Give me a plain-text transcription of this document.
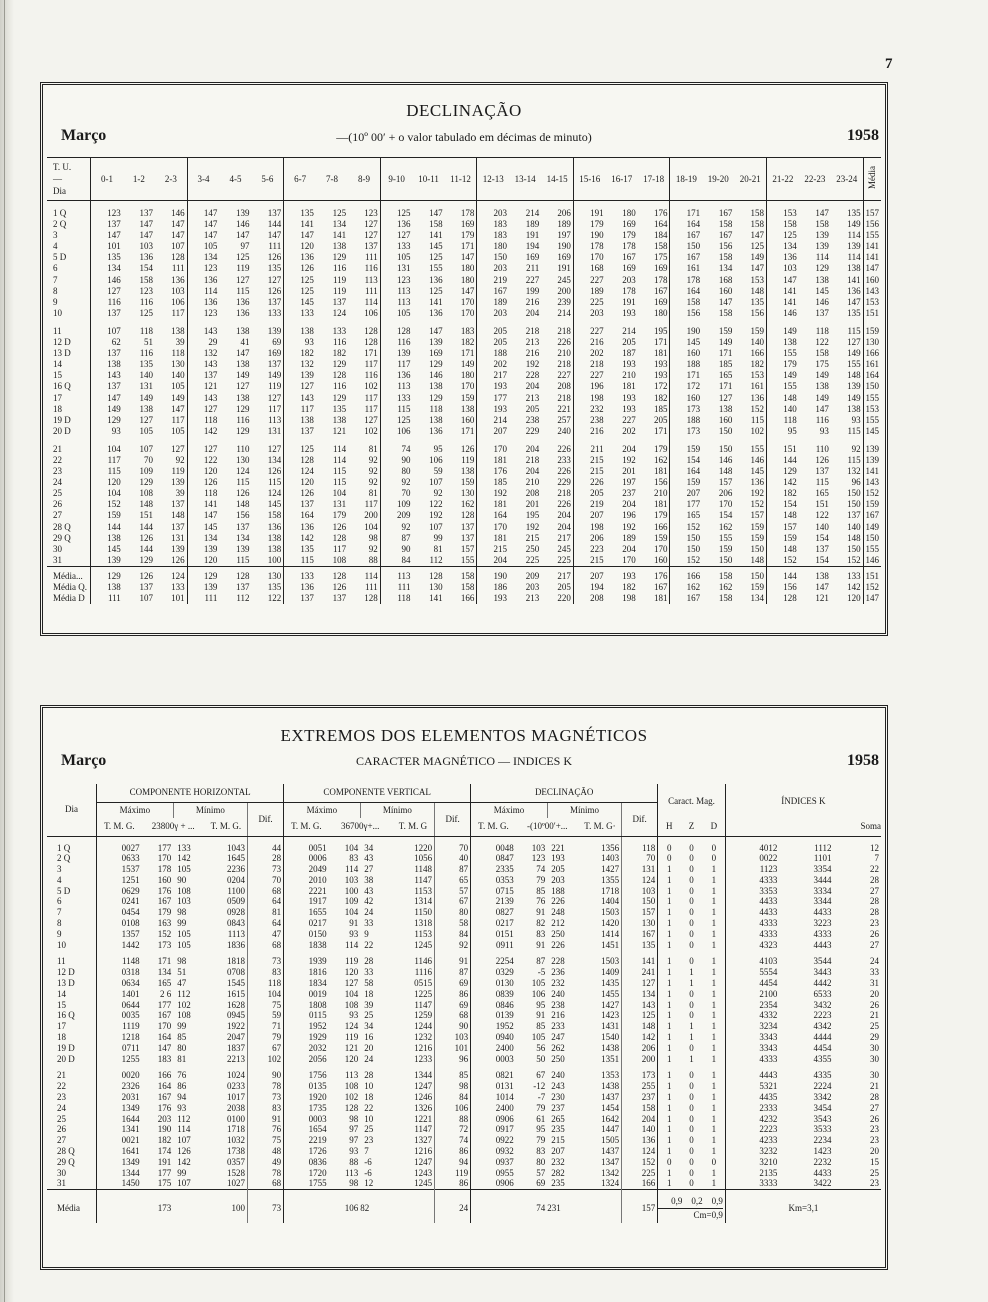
7
DECLINAÇÃO
Março	—(10º 00′ + o valor tabulado em décimas de minuto)	1958
T. U.
—
Dia	0-1	1-2	2-3	3-4	4-5	5-6	6-7	7-8	8-9	9-10	10-11	11-12	12-13	13-14	14-15	15-16	16-17	17-18	18-19	19-20	20-21	21-22	22-23	23-24	Média
1 Q	123	137	146	147	139	137	135	125	123	125	147	178	203	214	206	191	180	176	171	167	158	153	147	135	157
2 Q	137	147	147	147	146	144	141	134	127	136	158	169	183	189	189	179	169	164	164	158	158	158	158	149	156
3	147	147	147	147	147	147	147	141	127	127	141	179	183	191	197	190	179	184	167	167	147	125	139	114	155
4	101	103	107	105	97	111	120	138	137	133	145	171	180	194	190	178	178	158	150	156	125	134	139	139	141
5 D	135	136	128	134	125	126	136	129	111	105	125	147	150	169	169	170	167	175	167	158	149	136	114	114	141
6	134	154	111	123	119	135	126	116	116	131	155	180	203	211	191	168	169	169	161	134	147	103	129	138	147
7	146	158	136	136	127	127	125	119	113	123	136	180	219	227	245	227	203	178	178	168	153	147	138	141	160
8	127	123	103	114	115	126	125	119	111	113	125	147	167	199	200	189	178	167	164	160	148	141	145	136	143
9	116	116	106	136	136	137	145	137	114	113	141	170	189	216	239	225	191	169	158	147	135	141	146	147	153
10	137	125	117	123	136	133	133	124	106	105	136	170	203	204	214	203	193	180	156	158	156	146	137	135	151
11	107	118	138	143	138	139	138	133	128	128	147	183	205	218	218	227	214	195	190	159	159	149	118	115	159
12 D	62	51	39	29	41	69	93	116	128	116	139	182	205	213	226	216	205	171	145	149	140	138	122	127	130
13 D	137	116	118	132	147	169	182	182	171	139	169	171	188	216	210	202	187	181	160	171	166	155	158	149	166
14	138	135	130	143	138	137	132	129	117	117	129	149	202	192	218	218	193	193	188	185	182	179	175	155	161
15	143	140	140	137	149	149	139	128	116	136	146	180	217	228	227	227	210	193	171	165	153	149	149	148	164
16 Q	137	131	105	121	127	119	127	116	102	113	138	170	193	204	208	196	181	172	172	171	161	155	138	139	150
17	147	149	149	143	138	127	143	129	117	133	129	159	177	213	218	198	193	182	160	127	136	148	149	149	155
18	149	138	147	127	129	117	117	135	117	115	118	138	193	205	221	232	193	185	173	138	152	140	147	138	153
19 D	129	127	117	118	116	113	138	138	127	125	138	160	214	238	257	238	227	205	188	160	115	118	116	93	155
20 D	93	105	105	142	129	131	137	121	102	106	136	171	207	229	240	216	202	171	173	150	102	95	93	115	145
21	104	107	127	127	110	127	125	114	81	74	95	126	170	204	226	211	204	179	159	150	155	151	110	92	139
22	117	70	92	122	130	134	128	114	92	90	106	119	181	218	233	215	192	162	154	146	146	144	126	115	139
23	115	109	119	120	124	126	124	115	92	80	59	138	176	204	226	215	201	181	164	148	145	129	137	132	141
24	120	129	139	126	115	115	120	115	92	92	107	159	185	210	229	226	197	156	159	157	136	142	115	96	143
25	104	108	39	118	126	124	126	104	81	70	92	130	192	208	218	205	237	210	207	206	192	182	165	150	152
26	152	148	137	141	148	145	137	131	117	109	122	162	181	201	226	219	204	181	177	170	152	154	151	150	159
27	159	151	148	147	156	158	164	179	200	209	192	128	164	195	204	207	196	179	165	154	157	148	122	137	167
28 Q	144	144	137	145	137	136	136	126	104	92	107	137	170	192	204	198	192	166	152	162	159	157	140	140	149
29 Q	138	126	131	134	134	138	142	128	98	87	99	137	181	215	217	206	189	159	150	155	159	159	154	148	150
30	145	144	139	139	139	138	135	117	92	90	81	157	215	250	245	223	204	170	150	159	150	148	137	150	155
31	139	129	126	120	115	100	115	108	88	84	112	155	204	225	225	215	170	160	152	150	148	152	154	152	146
Média...	129	126	124	129	128	130	133	128	114	113	128	158	190	209	217	207	193	176	166	158	150	144	138	133	151
Média Q.	138	137	133	139	137	135	136	126	111	111	130	158	186	203	205	194	182	167	162	162	159	156	147	142	152
Média D	111	107	101	111	112	122	137	137	128	118	141	166	193	213	220	208	198	181	167	158	134	128	121	120	147
EXTREMOS DOS ELEMENTOS MAGNÉTICOS
Março	CARACTER MAGNÉTICO — INDICES K	1958
Dia	COMPONENTE HORIZONTAL					COMPONENTE VERTICAL					DECLINAÇÃO					Caract. Mag.			ÍNDICES K		
	Máximo		Mínimo		Dif.	Máximo		Mínimo		Dif.	Máximo		Mínimo		Dif.						
	T. M. G.	23800γ + ...		T. M. G.		T. M. G.	36700γ+...		T. M. G		T. M. G.	-(10º00′+...		T. M. G·		H	Z	D			Soma
1 Q	0027	177	133	1043	44	0051	104	34	1220	70	0048	103	221	1356	118	0	0	0	4012	1112	12
2 Q	0633	170	142	1645	28	0006	83	43	1056	40	0847	123	193	1403	70	0	0	0	0022	1101	7
3	1537	178	105	2236	73	2049	114	27	1148	87	2335	74	205	1427	131	1	0	1	1123	3354	22
4	1251	160	90	0204	70	2010	103	38	1147	65	0353	79	203	1355	124	1	0	1	4333	3444	28
5 D	0629	176	108	1100	68	2221	100	43	1153	57	0715	85	188	1718	103	1	0	1	3353	3334	27
6	0241	167	103	0509	64	1917	109	42	1314	67	2139	76	226	1404	150	1	0	1	4433	3344	28
7	0454	179	98	0928	81	1655	104	24	1150	80	0827	91	248	1503	157	1	0	1	4433	4433	28
8	0108	163	99	0843	64	0217	91	33	1318	58	0217	82	212	1420	130	1	0	1	4333	3223	23
9	1357	152	105	1113	47	0150	93	9	1153	84	0151	83	250	1414	167	1	0	1	4333	4333	26
10	1442	173	105	1836	68	1838	114	22	1245	92	0911	91	226	1451	135	1	0	1	4323	4443	27
11	1148	171	98	1818	73	1939	119	28	1146	91	2254	87	228	1503	141	1	0	1	4103	3544	24
12 D	0318	134	51	0708	83	1816	120	33	1116	87	0329	-5	236	1409	241	1	1	1	5554	3443	33
13 D	0634	165	47	1545	118	1834	127	58	0515	69	0130	105	232	1435	127	1	1	1	4454	4442	31
14	1401	2 6	112	1615	104	0019	104	18	1225	86	0839	106	240	1455	134	1	0	1	2100	6533	20
15	0644	177	102	1628	75	1808	108	39	1147	69	0846	95	238	1427	143	1	0	1	2354	3432	26
16 Q	0035	167	108	0945	59	0115	93	25	1259	68	0139	91	216	1423	125	1	0	1	4332	2223	21
17	1119	170	99	1922	71	1952	124	34	1244	90	1952	85	233	1431	148	1	1	1	3234	4342	25
18	1218	164	85	2047	79	1929	119	16	1232	103	0940	105	247	1540	142	1	1	1	3343	4444	29
19 D	0711	147	80	1837	67	2032	121	20	1216	101	2400	56	262	1438	206	1	0	1	3343	4454	30
20 D	1255	183	81	2213	102	2056	120	24	1233	96	0003	50	250	1351	200	1	1	1	4333	4355	30
21	0020	166	76	1024	90	1756	113	28	1344	85	0821	67	240	1353	173	1	0	1	4443	4335	30
22	2326	164	86	0233	78	0135	108	10	1247	98	0131	-12	243	1438	255	1	0	1	5321	2224	21
23	2031	167	94	1017	73	1920	102	18	1246	84	1014	-7	230	1437	237	1	0	1	4435	3342	28
24	1349	176	93	2038	83	1735	128	22	1326	106	2400	79	237	1454	158	1	0	1	2333	3454	27
25	1644	203	112	0100	91	0003	98	10	1221	88	0906	61	265	1642	204	1	0	1	4232	3543	26
26	1341	190	114	1718	76	1654	97	25	1147	72	0917	95	235	1447	140	1	0	1	2223	3533	23
27	0021	182	107	1032	75	2219	97	23	1327	74	0922	79	215	1505	136	1	0	1	4233	2234	23
28 Q	1641	174	126	1738	48	1726	93	7	1216	86	0932	83	207	1437	124	1	0	1	3232	1423	20
29 Q	1349	191	142	0357	49	0836	88	-6	1247	94	0937	80	232	1347	152	0	0	0	3210	2232	15
30	1344	177	99	1528	78	1720	113	-6	1243	119	0955	57	282	1342	225	1	0	1	2135	4433	25
31	1450	175	107	1027	68	1755	98	12	1245	86	0906	69	235	1324	166	1	0	1	3333	3422	23
Média	173		100		73	106		82		24	74		231		157	0,9 0,2 0,9
Cm=0,9			Km=3,1		
